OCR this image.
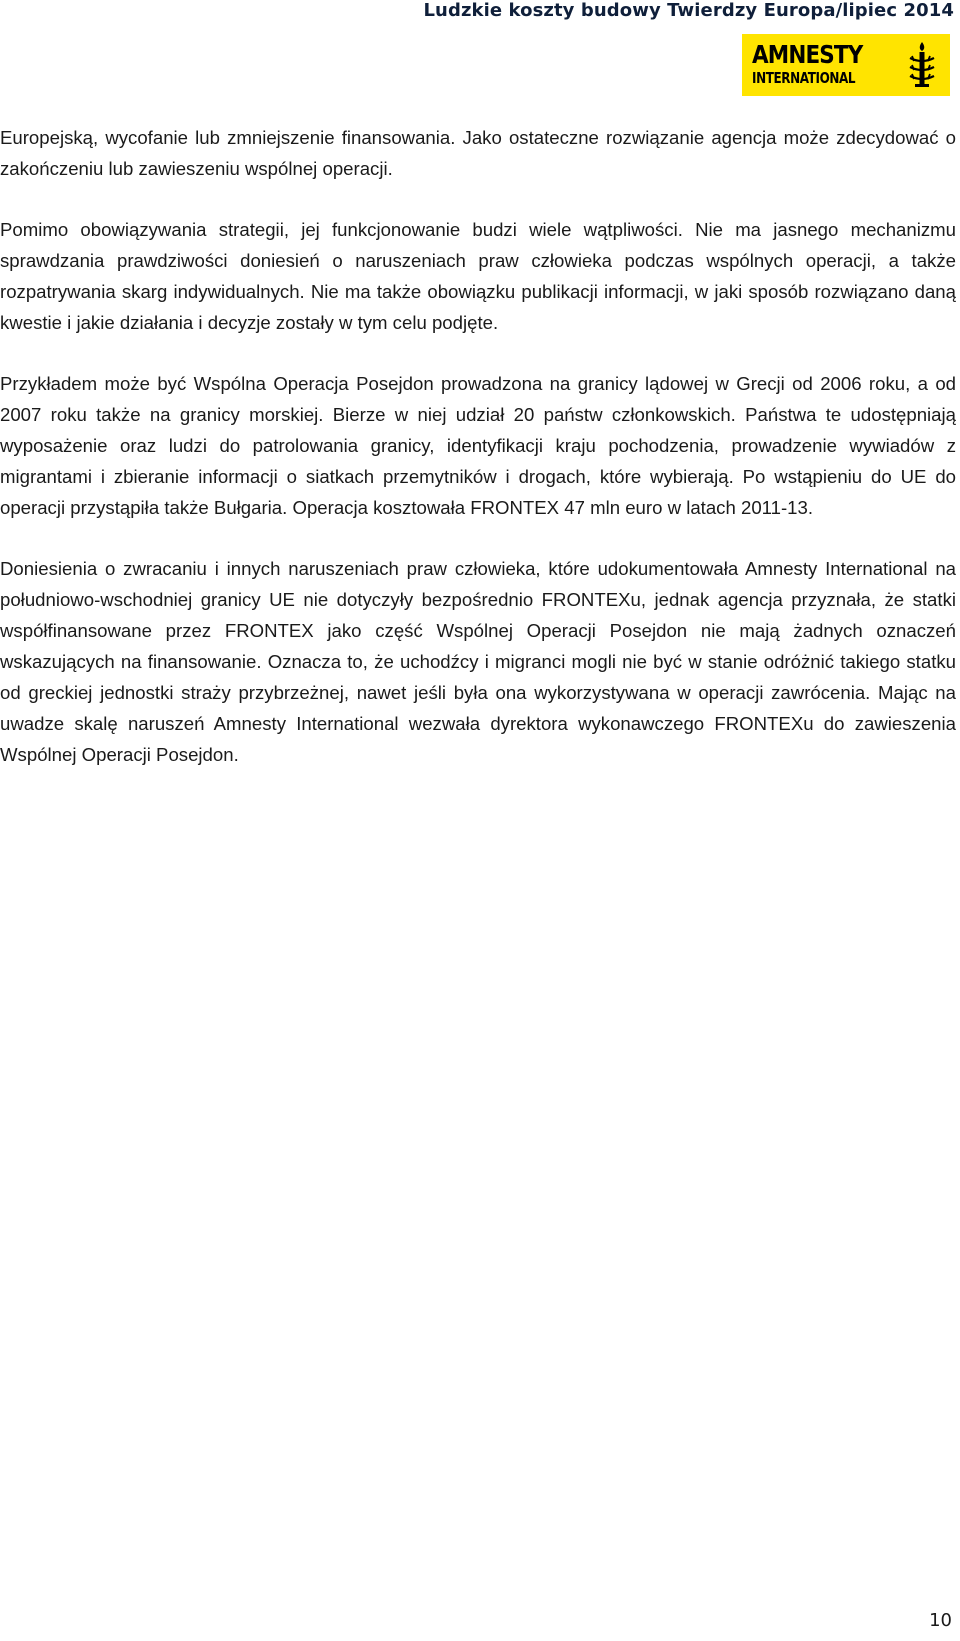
Ludzkie koszty budowy Twierdzy Europa/lipiec 2014
AMNESTY
INTERNATIONAL

Europejską, wycofanie lub zmniejszenie finansowania. Jako ostateczne rozwiązanie agencja może zdecydować o zakończeniu lub zawieszeniu wspólnej operacji.

Pomimo obowiązywania strategii, jej funkcjonowanie budzi wiele wątpliwości. Nie ma jasnego mechanizmu sprawdzania prawdziwości doniesień o naruszeniach praw człowieka podczas wspólnych operacji, a także rozpatrywania skarg indywidualnych. Nie ma także obowiązku publikacji informacji, w jaki sposób rozwiązano daną kwestie i jakie działania i decyzje zostały w tym celu podjęte.

Przykładem może być Wspólna Operacja Posejdon prowadzona na granicy lądowej w Grecji od 2006 roku, a od 2007 roku także na granicy morskiej. Bierze w niej udział 20 państw członkowskich. Państwa te udostępniają wyposażenie oraz ludzi do patrolowania granicy, identyfikacji kraju pochodzenia, prowadzenie wywiadów z migrantami i zbieranie informacji o siatkach przemytników i drogach, które wybierają. Po wstąpieniu do UE do operacji przystąpiła także Bułgaria. Operacja kosztowała FRONTEX 47 mln euro w latach 2011-13.

Doniesienia o zwracaniu i innych naruszeniach praw człowieka, które udokumentowała Amnesty International na południowo-wschodniej granicy UE nie dotyczyły bezpośrednio FRONTEXu, jednak agencja przyznała, że statki współfinansowane przez FRONTEX jako część Wspólnej Operacji Posejdon nie mają żadnych oznaczeń wskazujących na finansowanie. Oznacza to, że uchodźcy i migranci mogli nie być w stanie odróżnić takiego statku od greckiej jednostki straży przybrzeżnej, nawet jeśli była ona wykorzystywana w operacji zawrócenia. Mając na uwadze skalę naruszeń Amnesty International wezwała dyrektora wykonawczego FRONTEXu do zawieszenia Wspólnej Operacji Posejdon.

10
